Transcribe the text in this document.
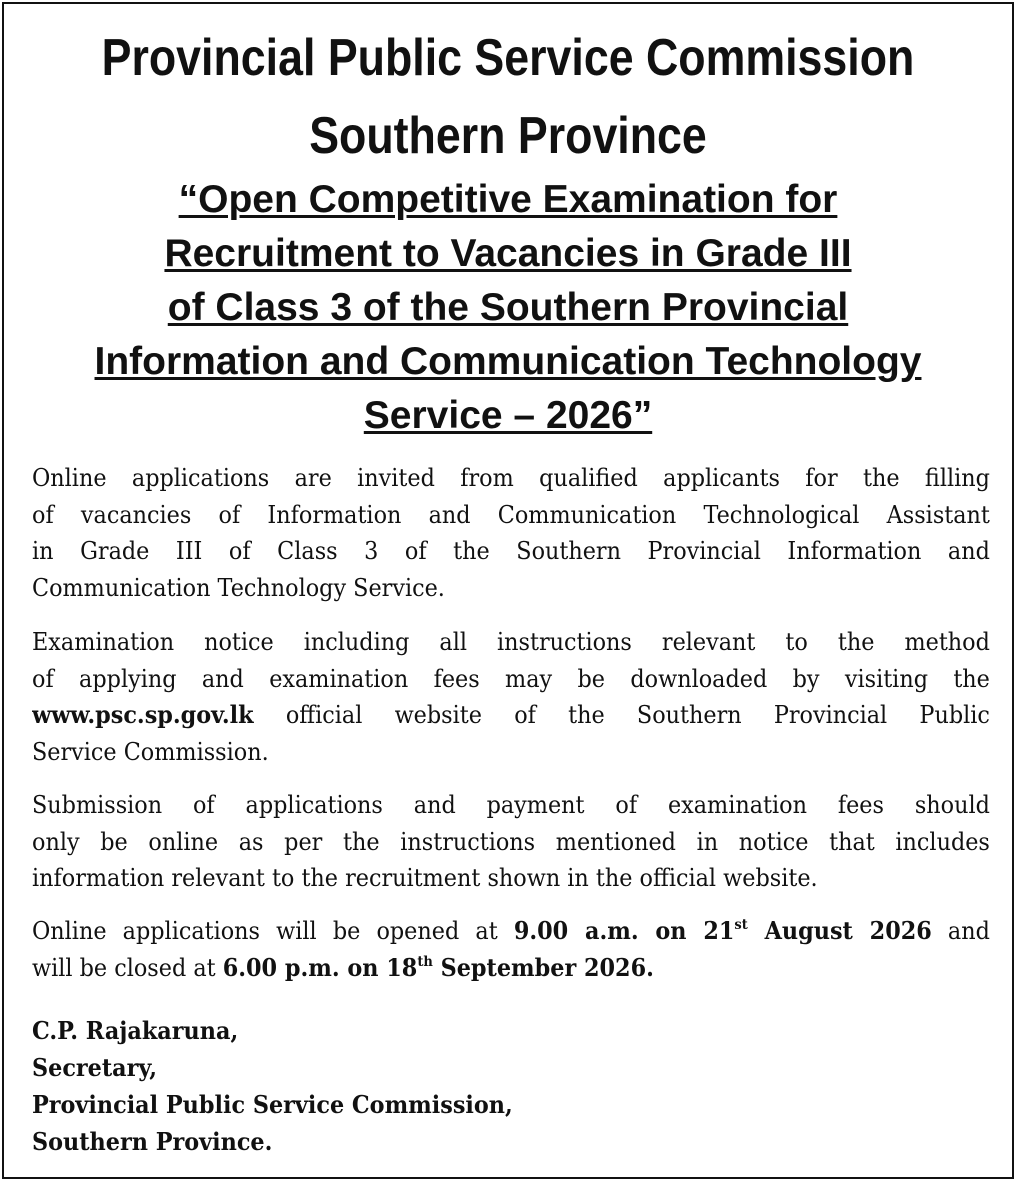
Provincial Public Service Commission
Southern Province
“Open Competitive Examination for
Recruitment to Vacancies in Grade III
of Class 3 of the Southern Provincial
Information and Communication Technology
Service – 2026”
Online applications are invited from qualified applicants for the filling
of vacancies of Information and Communication Technological Assistant
in Grade III of Class 3 of the Southern Provincial Information and
Communication Technology Service.
Examination notice including all instructions relevant to the method
of applying and examination fees may be downloaded by visiting the
www.psc.sp.gov.lk official website of the Southern Provincial Public
Service Commission.
Submission of applications and payment of examination fees should
only be online as per the instructions mentioned in notice that includes
information relevant to the recruitment shown in the official website.
Online applications will be opened at 9.00 a.m. on 21st August 2026 and
will be closed at 6.00 p.m. on 18th September 2026.
C.P. Rajakaruna,
Secretary,
Provincial Public Service Commission,
Southern Province.
